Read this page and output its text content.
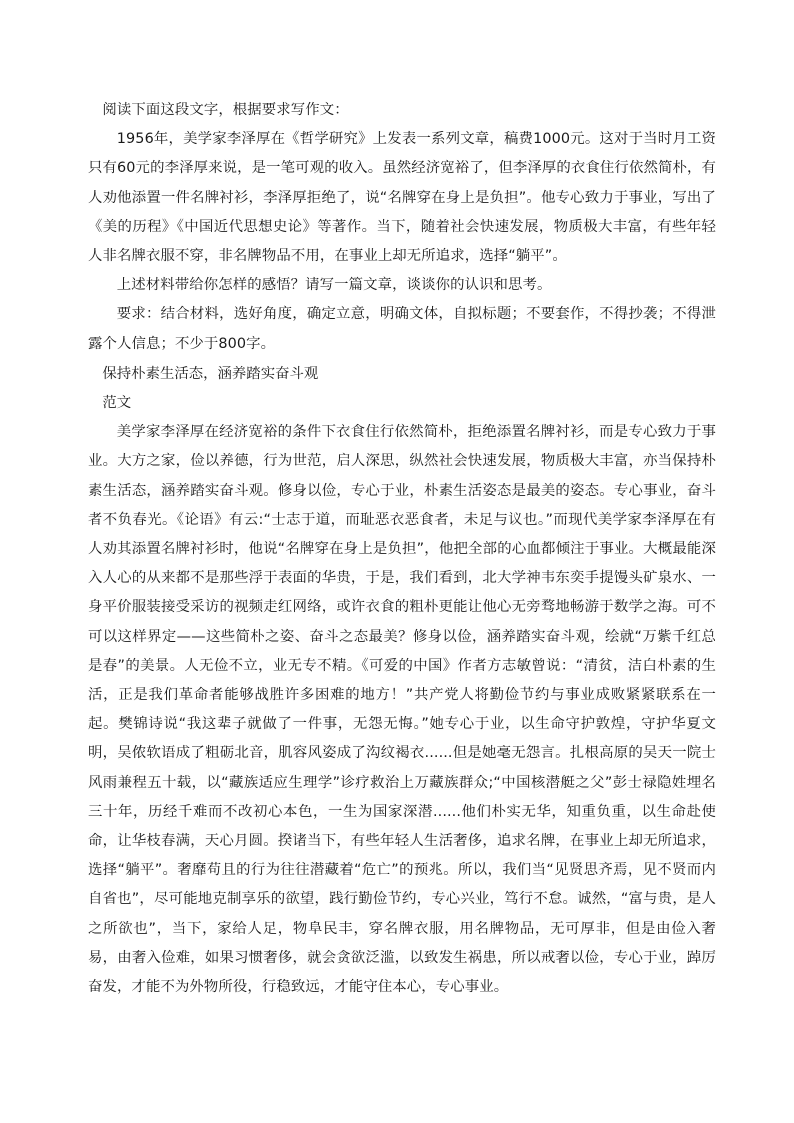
阅读下面这段文字，根据要求写作文：

1956年，美学家李泽厚在《哲学研究》上发表一系列文章，稿费1000元。这对于当时月工资只有60元的李泽厚来说，是一笔可观的收入。虽然经济宽裕了，但李泽厚的衣食住行依然简朴，有人劝他添置一件名牌衬衫，李泽厚拒绝了，说“名牌穿在身上是负担”。他专心致力于事业，写出了《美的历程》《中国近代思想史论》等著作。当下，随着社会快速发展，物质极大丰富，有些年轻人非名牌衣服不穿，非名牌物品不用，在事业上却无所追求，选择“躺平”。

上述材料带给你怎样的感悟？请写一篇文章，谈谈你的认识和思考。

要求：结合材料，选好角度，确定立意，明确文体，自拟标题；不要套作，不得抄袭；不得泄露个人信息；不少于800字。

保持朴素生活态，涵养踏实奋斗观

范文

美学家李泽厚在经济宽裕的条件下衣食住行依然简朴，拒绝添置名牌衬衫，而是专心致力于事业。大方之家，俭以养德，行为世范，启人深思，纵然社会快速发展，物质极大丰富，亦当保持朴素生活态，涵养踏实奋斗观。修身以俭，专心于业，朴素生活姿态是最美的姿态。专心事业，奋斗者不负春光。《论语》有云:“士志于道，而耻恶衣恶食者，未足与议也。”而现代美学家李泽厚在有人劝其添置名牌衬衫时，他说“名牌穿在身上是负担”，他把全部的心血都倾注于事业。大概最能深入人心的从来都不是那些浮于表面的华贵，于是，我们看到，北大学神韦东奕手提馒头矿泉水、一身平价服装接受采访的视频走红网络，或许衣食的粗朴更能让他心无旁骛地畅游于数学之海。可不可以这样界定——这些简朴之姿、奋斗之态最美？修身以俭，涵养踏实奋斗观，绘就“万紫千红总是春”的美景。人无俭不立，业无专不精。《可爱的中国》作者方志敏曾说：“清贫，洁白朴素的生活，正是我们革命者能够战胜许多困难的地方！”共产党人将勤俭节约与事业成败紧紧联系在一起。樊锦诗说“我这辈子就做了一件事，无怨无悔。”她专心于业，以生命守护敦煌，守护华夏文明，吴侬软语成了粗砺北音，肌容风姿成了沟纹褐衣......但是她毫无怨言。扎根高原的吴天一院士风雨兼程五十载，以“藏族适应生理学”诊疗救治上万藏族群众;“中国核潜艇之父”彭士禄隐姓埋名三十年，历经千难而不改初心本色，一生为国家深潜......他们朴实无华，知重负重，以生命赴使命，让华枝春满，天心月圆。揆诸当下，有些年轻人生活奢侈，追求名牌，在事业上却无所追求，选择“躺平”。奢靡苟且的行为往往潜藏着“危亡”的预兆。所以，我们当“见贤思齐焉，见不贤而内自省也”，尽可能地克制享乐的欲望，践行勤俭节约，专心兴业，笃行不怠。诚然，“富与贵，是人之所欲也”，当下，家给人足，物阜民丰，穿名牌衣服，用名牌物品，无可厚非，但是由俭入奢易，由奢入俭难，如果习惯奢侈，就会贪欲泛滥，以致发生祸患，所以戒奢以俭，专心于业，踔厉奋发，才能不为外物所役，行稳致远，才能守住本心，专心事业。
